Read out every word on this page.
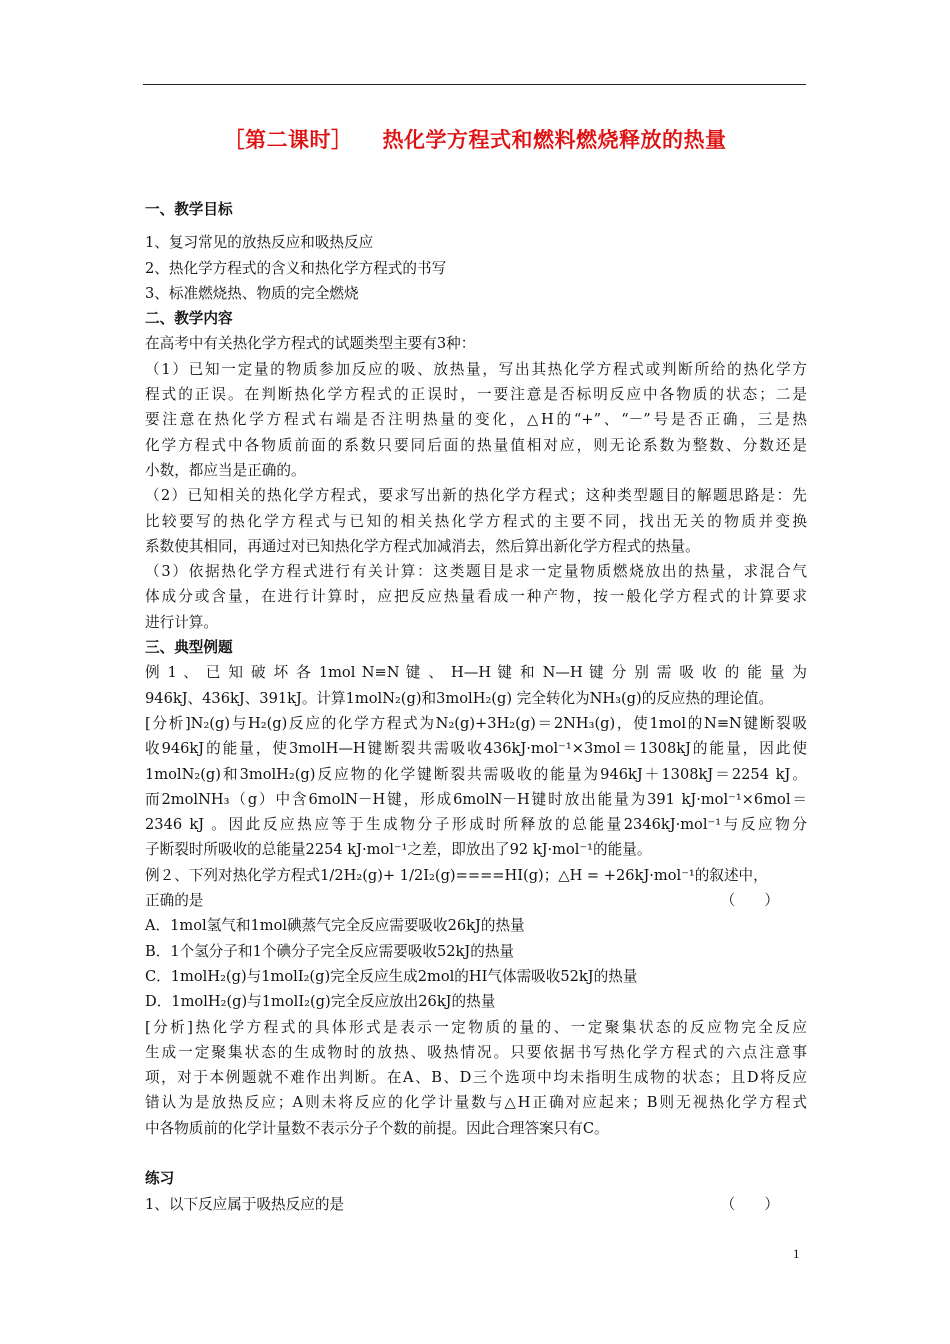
［第二课时］ 热化学方程式和燃料燃烧释放的热量

一、教学目标

1、复习常见的放热反应和吸热反应

2、热化学方程式的含义和热化学方程式的书写

3、标准燃烧热、物质的完全燃烧

二、教学内容

在高考中有关热化学方程式的试题类型主要有3种：

（1）已知一定量的物质参加反应的吸、放热量，写出其热化学方程式或判断所给的热化学方

程式的正误。在判断热化学方程式的正误时，一要注意是否标明反应中各物质的状态；二是

要注意在热化学方程式右端是否注明热量的变化，△H的“+”、“－”号是否正确，三是热

化学方程式中各物质前面的系数只要同后面的热量值相对应，则无论系数为整数、分数还是

小数，都应当是正确的。

（2）已知相关的热化学方程式，要求写出新的热化学方程式；这种类型题目的解题思路是：先

比较要写的热化学方程式与已知的相关热化学方程式的主要不同，找出无关的物质并变换

系数使其相同，再通过对已知热化学方程式加减消去，然后算出新化学方程式的热量。

（3）依据热化学方程式进行有关计算：这类题目是求一定量物质燃烧放出的热量，求混合气

体成分或含量，在进行计算时，应把反应热量看成一种产物，按一般化学方程式的计算要求

进行计算。

三、典型例题

例 1 、 已 知 破 坏 各 1mol N≡N 键 、 H—H 键 和 N—H 键 分 别 需 吸 收 的 能 量 为

946kJ、436kJ、391kJ。计算1molN₂(g)和3molH₂(g) 完全转化为NH₃(g)的反应热的理论值。

[分析]N₂(g)与H₂(g)反应的化学方程式为N₂(g)+3H₂(g)＝2NH₃(g)，使1mol的N≡N键断裂吸

收946kJ的能量，使3molH—H键断裂共需吸收436kJ·mol⁻¹×3mol＝1308kJ的能量，因此使

1molN₂(g)和3molH₂(g)反应物的化学键断裂共需吸收的能量为946kJ＋1308kJ＝2254 kJ。

而2molNH₃（g）中含6molN－H键，形成6molN－H键时放出能量为391 kJ·mol⁻¹×6mol＝

2346 kJ 。因此反应热应等于生成物分子形成时所释放的总能量2346kJ·mol⁻¹与反应物分

子断裂时所吸收的总能量2254 kJ·mol⁻¹之差，即放出了92 kJ·mol⁻¹的能量。

例２、下列对热化学方程式1/2H₂(g)+ 1/2I₂(g)====HI(g)；△H = +26kJ·mol⁻¹的叙述中，

正确的是	（　　）

A．1mol氢气和1mol碘蒸气完全反应需要吸收26kJ的热量

B．1个氢分子和1个碘分子完全反应需要吸收52kJ的热量

C．1molH₂(g)与1molI₂(g)完全反应生成2mol的HI气体需吸收52kJ的热量

D．1molH₂(g)与1molI₂(g)完全反应放出26kJ的热量

[分析]热化学方程式的具体形式是表示一定物质的量的、一定聚集状态的反应物完全反应

生成一定聚集状态的生成物时的放热、吸热情况。只要依据书写热化学方程式的六点注意事

项，对于本例题就不难作出判断。在A、B、D三个选项中均未指明生成物的状态；且D将反应

错认为是放热反应；A则未将反应的化学计量数与△H正确对应起来；B则无视热化学方程式

中各物质前的化学计量数不表示分子个数的前提。因此合理答案只有C。

练习

1、以下反应属于吸热反应的是	（　　）
1
